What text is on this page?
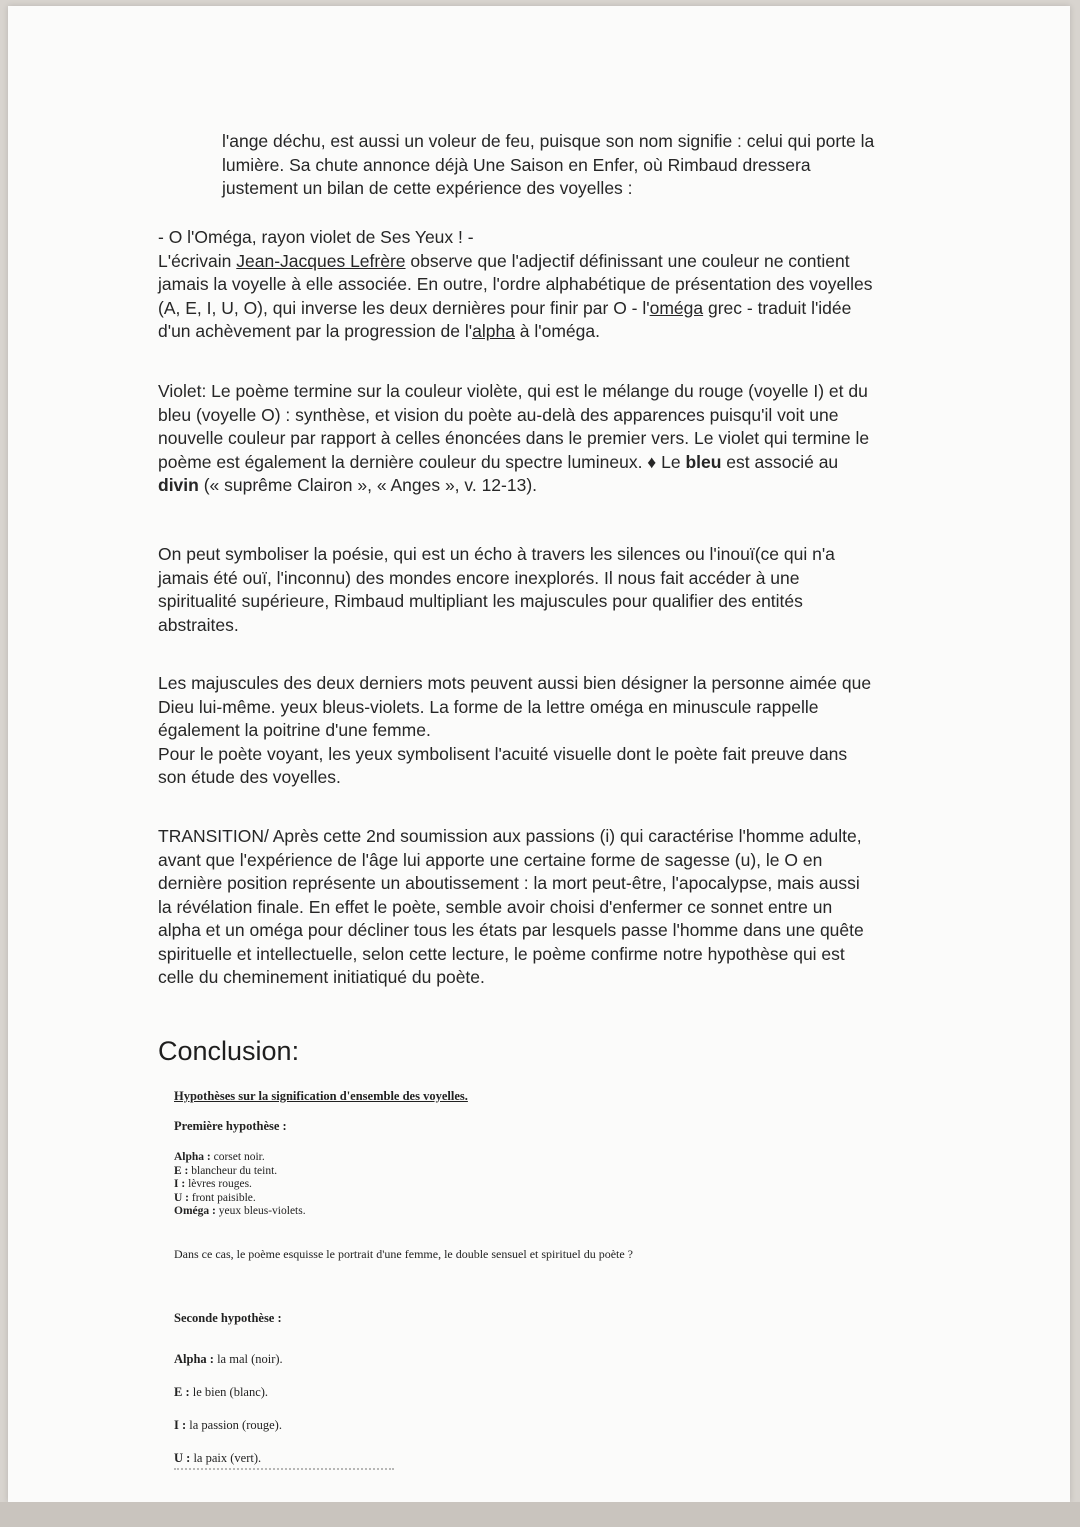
l'ange déchu, est aussi un voleur de feu, puisque son nom signifie : celui qui porte la
lumière. Sa chute annonce déjà Une Saison en Enfer, où Rimbaud dressera
justement un bilan de cette expérience des voyelles :
- O l'Oméga, rayon violet de Ses Yeux ! -
L'écrivain Jean-Jacques Lefrère observe que l'adjectif définissant une couleur ne contient
jamais la voyelle à elle associée. En outre, l'ordre alphabétique de présentation des voyelles
(A, E, I, U, O), qui inverse les deux dernières pour finir par O - l'oméga grec - traduit l'idée
d'un achèvement par la progression de l'alpha à l'oméga.
Violet: Le poème termine sur la couleur violète, qui est le mélange du rouge (voyelle I) et du
bleu (voyelle O) : synthèse, et vision du poète au-delà des apparences puisqu'il voit une
nouvelle couleur par rapport à celles énoncées dans le premier vers. Le violet qui termine le
poème est également la dernière couleur du spectre lumineux. ♦ Le bleu est associé au
divin (« suprême Clairon », « Anges », v. 12-13).
On peut symboliser la poésie, qui est un écho à travers les silences ou l'inouï(ce qui n'a
jamais été ouï, l'inconnu) des mondes encore inexplorés. Il nous fait accéder à une
spiritualité supérieure, Rimbaud multipliant les majuscules pour qualifier des entités
abstraites.
Les majuscules des deux derniers mots peuvent aussi bien désigner la personne aimée que
Dieu lui-même. yeux bleus-violets. La forme de la lettre oméga en minuscule rappelle
également la poitrine d'une femme.
Pour le poète voyant, les yeux symbolisent l'acuité visuelle dont le poète fait preuve dans
son étude des voyelles.
TRANSITION/ Après cette 2nd soumission aux passions (i) qui caractérise l'homme adulte,
avant que l'expérience de l'âge lui apporte une certaine forme de sagesse (u), le O en
dernière position représente un aboutissement : la mort peut-être, l'apocalypse, mais aussi
la révélation finale. En effet le poète, semble avoir choisi d'enfermer ce sonnet entre un
alpha et un oméga pour décliner tous les états par lesquels passe l'homme dans une quête
spirituelle et intellectuelle, selon cette lecture, le poème confirme notre hypothèse qui est
celle du cheminement initiatiqué du poète.
Conclusion:
Hypothèses sur la signification d'ensemble des voyelles.
Première hypothèse :
Alpha : corset noir.
E : blancheur du teint.
I : lèvres rouges.
U : front paisible.
Oméga : yeux bleus-violets.
Dans ce cas, le poème esquisse le portrait d'une femme, le double sensuel et spirituel du poète ?
Seconde hypothèse :
Alpha : la mal (noir).
E : le bien (blanc).
I : la passion (rouge).
U : la paix (vert).
